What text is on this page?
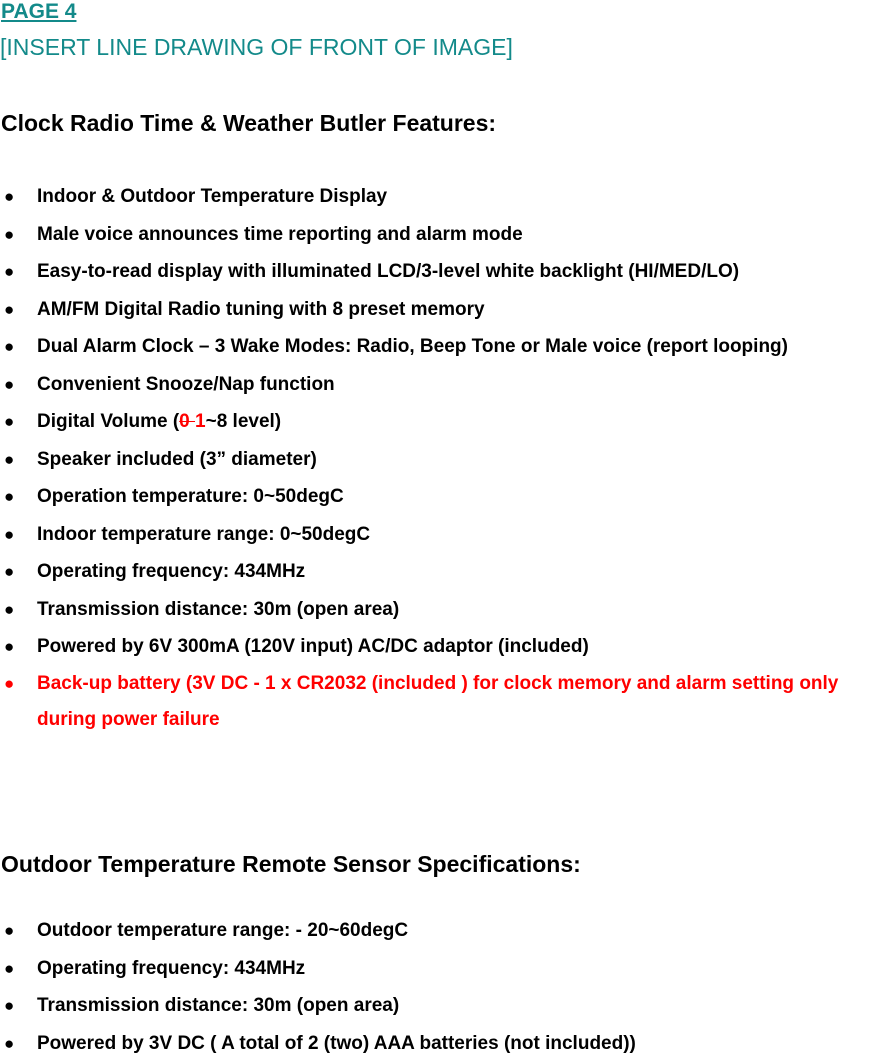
PAGE 4
[INSERT LINE DRAWING OF FRONT OF IMAGE]
Clock Radio Time & Weather Butler Features:
● Indoor & Outdoor Temperature Display
● Male voice announces time reporting and alarm mode
● Easy-to-read display with illuminated LCD/3-level white backlight (HI/MED/LO)
● AM/FM Digital Radio tuning with 8 preset memory
● Dual Alarm Clock – 3 Wake Modes: Radio, Beep Tone or Male voice (report looping)
● Convenient Snooze/Nap function
● Digital Volume (0 1~8 level)
● Speaker included (3” diameter)
● Operation temperature: 0~50degC
● Indoor temperature range: 0~50degC
● Operating frequency: 434MHz
● Transmission distance: 30m (open area)
● Powered by 6V 300mA (120V input) AC/DC adaptor (included)
● Back-up battery (3V DC - 1 x CR2032 (included ) for clock memory and alarm setting only during power failure
Outdoor Temperature Remote Sensor Specifications:
● Outdoor temperature range: - 20~60degC
● Operating frequency: 434MHz
● Transmission distance: 30m (open area)
● Powered by 3V DC ( A total of 2 (two) AAA batteries (not included))
